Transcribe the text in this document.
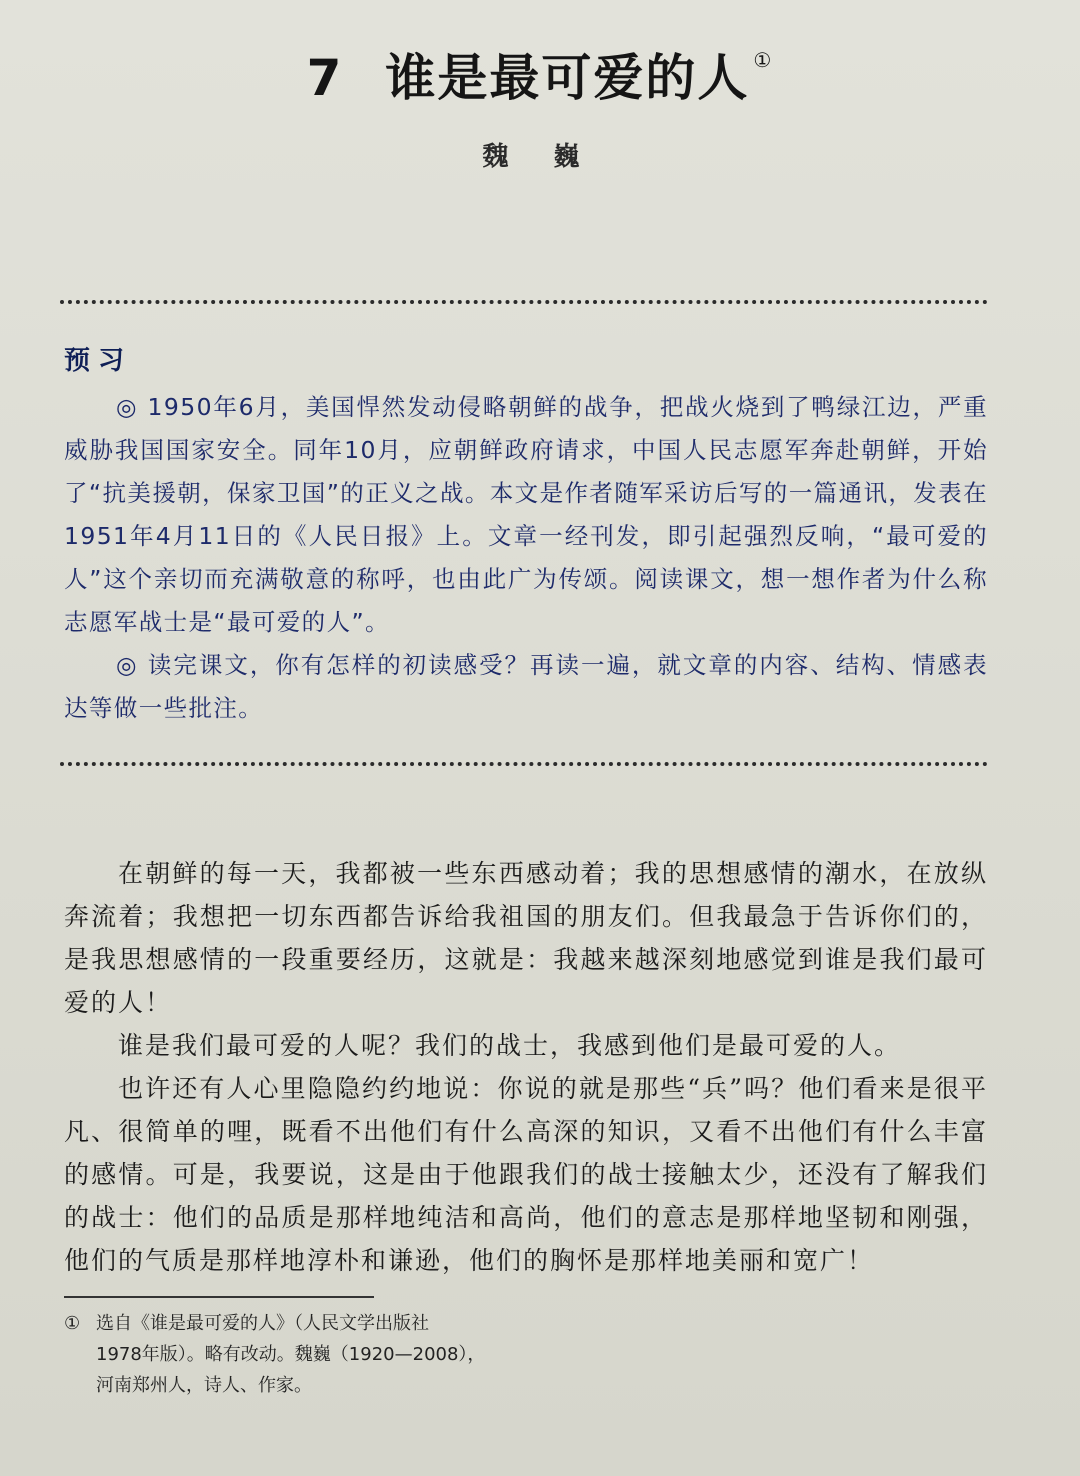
7 谁是最可爱的人 ①
魏 巍
预习

◎ 1950年6月，美国悍然发动侵略朝鲜的战争，把战火烧到了鸭绿江边，严重威胁我国国家安全。同年10月，应朝鲜政府请求，中国人民志愿军奔赴朝鲜，开始了“抗美援朝，保家卫国”的正义之战。本文是作者随军采访后写的一篇通讯，发表在1951年4月11日的《人民日报》上。文章一经刊发，即引起强烈反响，“最可爱的人”这个亲切而充满敬意的称呼，也由此广为传颂。阅读课文，想一想作者为什么称志愿军战士是“最可爱的人”。

◎ 读完课文，你有怎样的初读感受？再读一遍，就文章的内容、结构、情感表达等做一些批注。

在朝鲜的每一天，我都被一些东西感动着；我的思想感情的潮水，在放纵奔流着；我想把一切东西都告诉给我祖国的朋友们。但我最急于告诉你们的，是我思想感情的一段重要经历，这就是：我越来越深刻地感觉到谁是我们最可爱的人！

谁是我们最可爱的人呢？我们的战士，我感到他们是最可爱的人。

也许还有人心里隐隐约约地说：你说的就是那些“兵”吗？他们看来是很平凡、很简单的哩，既看不出他们有什么高深的知识，又看不出他们有什么丰富的感情。可是，我要说，这是由于他跟我们的战士接触太少，还没有了解我们的战士：他们的品质是那样地纯洁和高尚，他们的意志是那样地坚韧和刚强，他们的气质是那样地淳朴和谦逊，他们的胸怀是那样地美丽和宽广！

① 选自《谁是最可爱的人》（人民文学出版社
1978年版）。略有改动。魏巍（1920—2008），
河南郑州人，诗人、作家。
